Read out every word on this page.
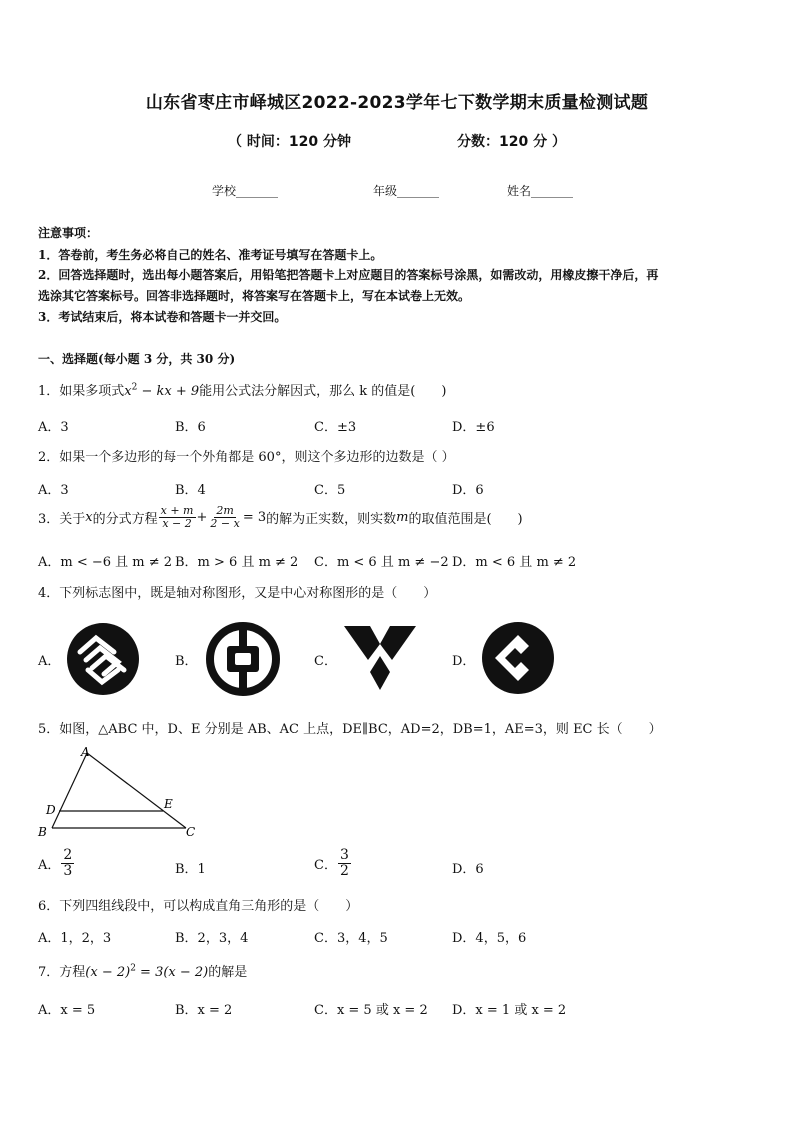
山东省枣庄市峄城区2022-2023学年七下数学期末质量检测试题
（ 时间：120 分钟	分数：120 分 ）
学校_______	年级_______	姓名_______
注意事项：
1．答卷前，考生务必将自己的姓名、准考证号填写在答题卡上。
2．回答选择题时，选出每小题答案后，用铅笔把答题卡上对应题目的答案标号涂黑，如需改动，用橡皮擦干净后，再
选涂其它答案标号。回答非选择题时，将答案写在答题卡上，写在本试卷上无效。
3．考试结束后，将本试卷和答题卡一并交回。
一、选择题(每小题 3 分，共 30 分)
1．如果多项式$x^2$ − kx + 9能用公式法分解因式，那么 k 的值是(　　)
A．3	B．6	C．±3	D．±6
2．如果一个多边形的每一个外角都是 60°，则这个多边形的边数是（ ）
A．3	B．4	C．5	D．6
3．关于 x 的分式方程 $\frac{x + m}{x - 2} + \frac{2m}{2 - x} = 3$ 的解为正实数，则实数 m 的取值范围是(　　)
A．m < −6 且 m ≠ 2 B．m > 6 且 m ≠ 2 C．m < 6 且 m ≠ −2 D．m < 6 且 m ≠ 2
4．下列标志图中，既是轴对称图形，又是中心对称图形的是（　　）
A．	B．	C．	D．
5．如图，△ABC 中，D、E 分别是 AB、AC 上点，DE∥BC，AD=2，DB=1，AE=3，则 EC 长（　　）
A
D
B
E
C
A． $\frac{2}{3}$	B．1	C． $\frac{3}{2}$	D．6
6．下列四组线段中，可以构成直角三角形的是（　　）
A．1，2，3	B．2，3，4	C．3，4，5	D．4，5，6
7．方程$(x - 2)^2 = 3(x - 2)$的解是
A．x = 5	B．x = 2	C．x = 5 或 x = 2 D．x = 1 或 x = 2
